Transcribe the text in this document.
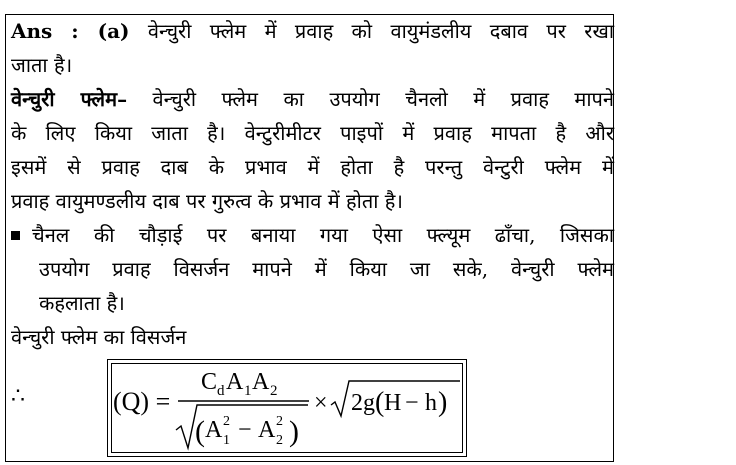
Ans : (a) वेन्चुरी फ्लेम में प्रवाह को वायुमंडलीय दबाव पर रखा
जाता है।
वेन्चुरी फ्लेम– वेन्चुरी फ्लेम का उपयोग चैनलो में प्रवाह मापने
के लिए किया जाता है। वेन्टुरीमीटर पाइपों में प्रवाह मापता है और
इसमें से प्रवाह दाब के प्रभाव में होता है परन्तु वेन्टुरी फ्लेम में
प्रवाह वायुमण्डलीय दाब पर गुरुत्व के प्रभाव में होता है।
चैनल की चौड़ाई पर बनाया गया ऐसा फ्ल्यूम ढाँचा, जिसका
उपयोग प्रवाह विसर्जन मापने में किया जा सके, वेन्चुरी फ्लेम
कहलाता है।
वेन्चुरी फ्लेम का विसर्जन
∴	(Q) =
C d A 1 A 2
( A 1
2 − A 2
2 )
× 2g ( H − h )
